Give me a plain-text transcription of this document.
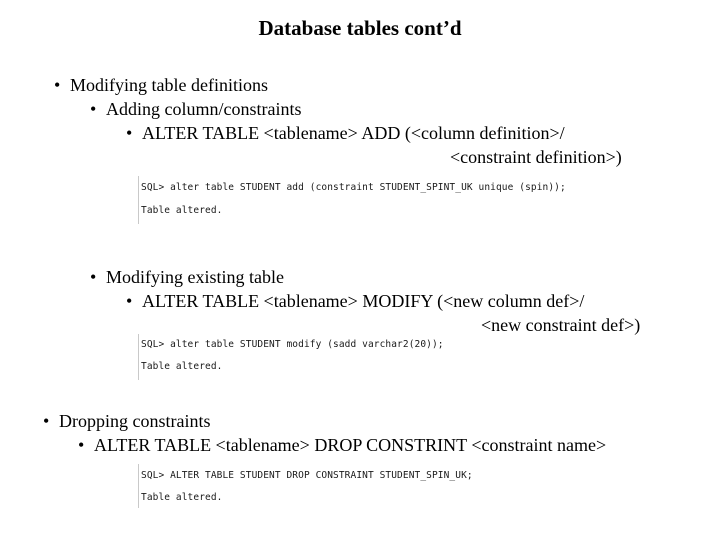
Database tables cont’d
• Modifying table definitions
• Adding column/constraints
• ALTER TABLE <tablename> ADD (<column definition>/
<constraint definition>)
SQL> alter table STUDENT add (constraint STUDENT_SPINT_UK unique (spin));
Table altered.
• Modifying existing table
• ALTER TABLE <tablename> MODIFY (<new column def>/
<new constraint def>)
SQL> alter table STUDENT modify (sadd varchar2(20));
Table altered.
• Dropping constraints
• ALTER TABLE <tablename> DROP CONSTRINT <constraint name>
SQL> ALTER TABLE STUDENT DROP CONSTRAINT STUDENT_SPIN_UK;
Table altered.
